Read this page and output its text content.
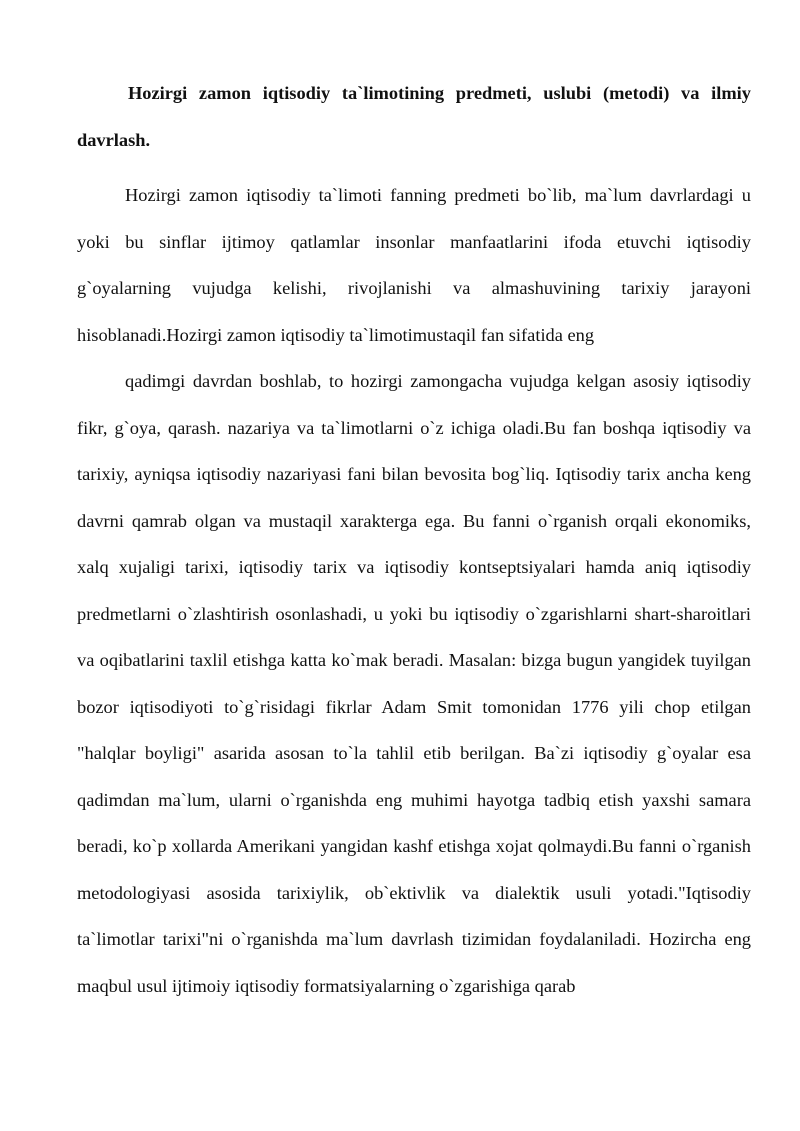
Hozirgi zamon iqtisodiy ta`limotining predmeti, uslubi (metodi) va ilmiy davrlash.

Hozirgi zamon iqtisodiy ta`limoti fanning predmeti bo`lib, ma`lum davrlardagi u yoki bu sinflar ijtimoy qatlamlar insonlar manfaatlarini ifoda etuvchi iqtisodiy g`oyalarning vujudga kelishi, rivojlanishi va almashuvining tarixiy jarayoni hisoblanadi.Hozirgi zamon iqtisodiy ta`limotimustaqil fan sifatida eng

qadimgi davrdan boshlab, to hozirgi zamongacha vujudga kelgan asosiy iqtisodiy fikr, g`oya, qarash. nazariya va ta`limotlarni o`z ichiga oladi.Bu fan boshqa iqtisodiy va tarixiy, ayniqsa iqtisodiy nazariyasi fani bilan bevosita bog`liq. Iqtisodiy tarix ancha keng davrni qamrab olgan va mustaqil xarakterga ega. Bu fanni o`rganish orqali ekonomiks, xalq xujaligi tarixi, iqtisodiy tarix va iqtisodiy kontseptsiyalari hamda aniq iqtisodiy predmetlarni o`zlashtirish osonlashadi, u yoki bu iqtisodiy o`zgarishlarni shart-sharoitlari va oqibatlarini taxlil etishga katta ko`mak beradi. Masalan: bizga bugun yangidek tuyilgan bozor iqtisodiyoti to`g`risidagi fikrlar Adam Smit tomonidan 1776 yili chop etilgan "halqlar boyligi" asarida asosan to`la tahlil etib berilgan. Ba`zi iqtisodiy g`oyalar esa qadimdan ma`lum, ularni o`rganishda eng muhimi hayotga tadbiq etish yaxshi samara beradi, ko`p xollarda Amerikani yangidan kashf etishga xojat qolmaydi.Bu fanni o`rganish metodologiyasi asosida tarixiylik, ob`ektivlik va dialektik usuli yotadi."Iqtisodiy ta`limotlar tarixi"ni o`rganishda ma`lum davrlash tizimidan foydalaniladi. Hozircha eng maqbul usul ijtimoiy iqtisodiy formatsiyalarning o`zgarishiga qarab
